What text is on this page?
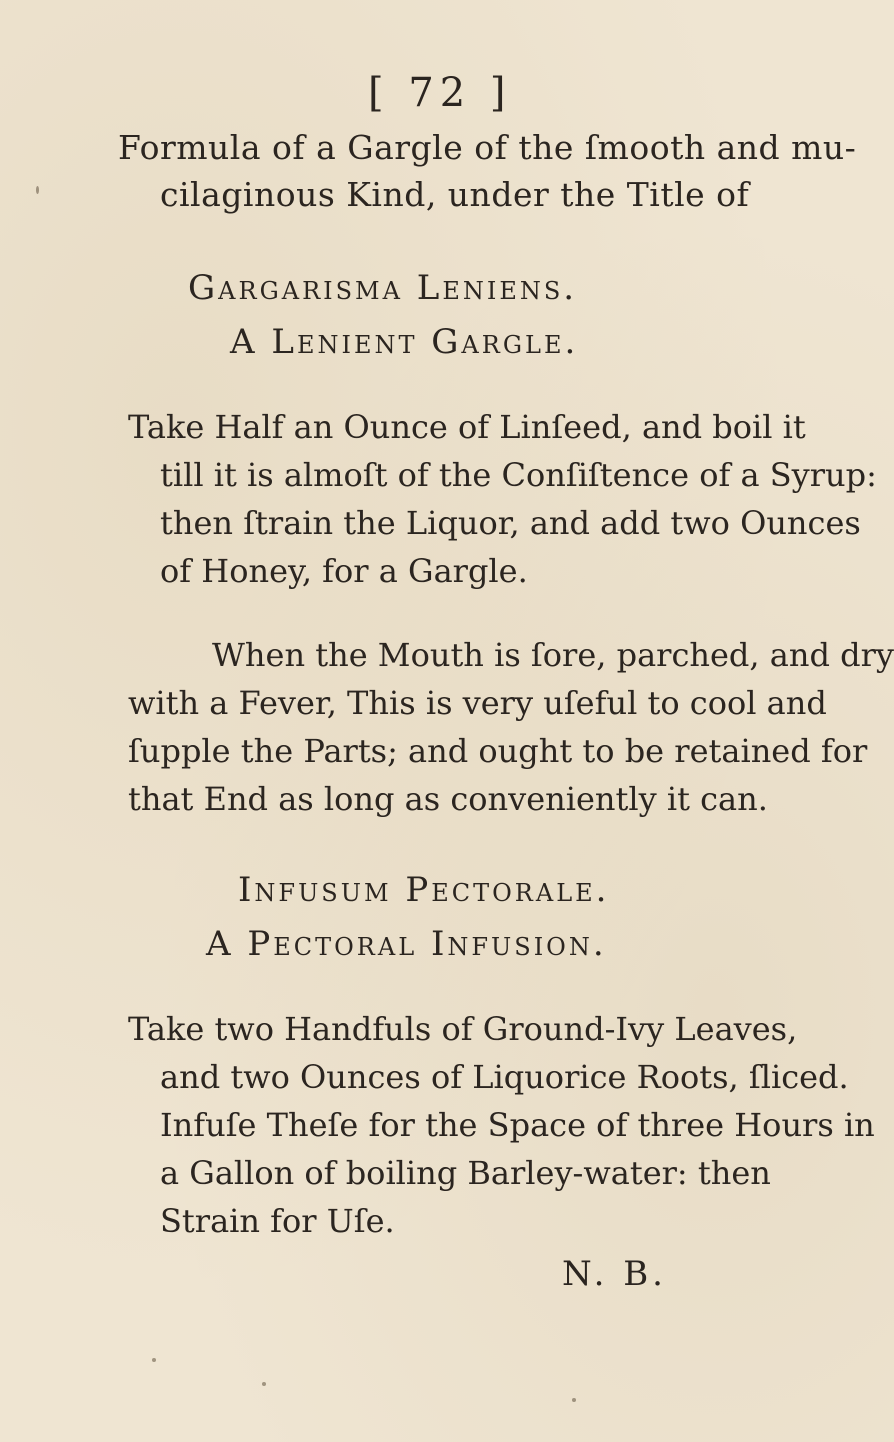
[ 72 ]
Formula of a Gargle of the ſmooth and mu-
cilaginous Kind, under the Title of
Gargarisma Leniens.
A Lenient Gargle.
Take Half an Ounce of Linſeed, and boil it
till it is almoſt of the Conſiſtence of a Syrup:
then ſtrain the Liquor, and add two Ounces
of Honey, for a Gargle.
When the Mouth is ſore, parched, and dry
with a Fever, This is very uſeful to cool and
ſupple the Parts; and ought to be retained for
that End as long as conveniently it can.
Infusum Pectorale.
A Pectoral Infusion.
Take two Handfuls of Ground-Ivy Leaves,
and two Ounces of Liquorice Roots, ſliced.
Infuſe Theſe for the Space of three Hours in
a Gallon of boiling Barley-water: then
Strain for Uſe.
N. B.
